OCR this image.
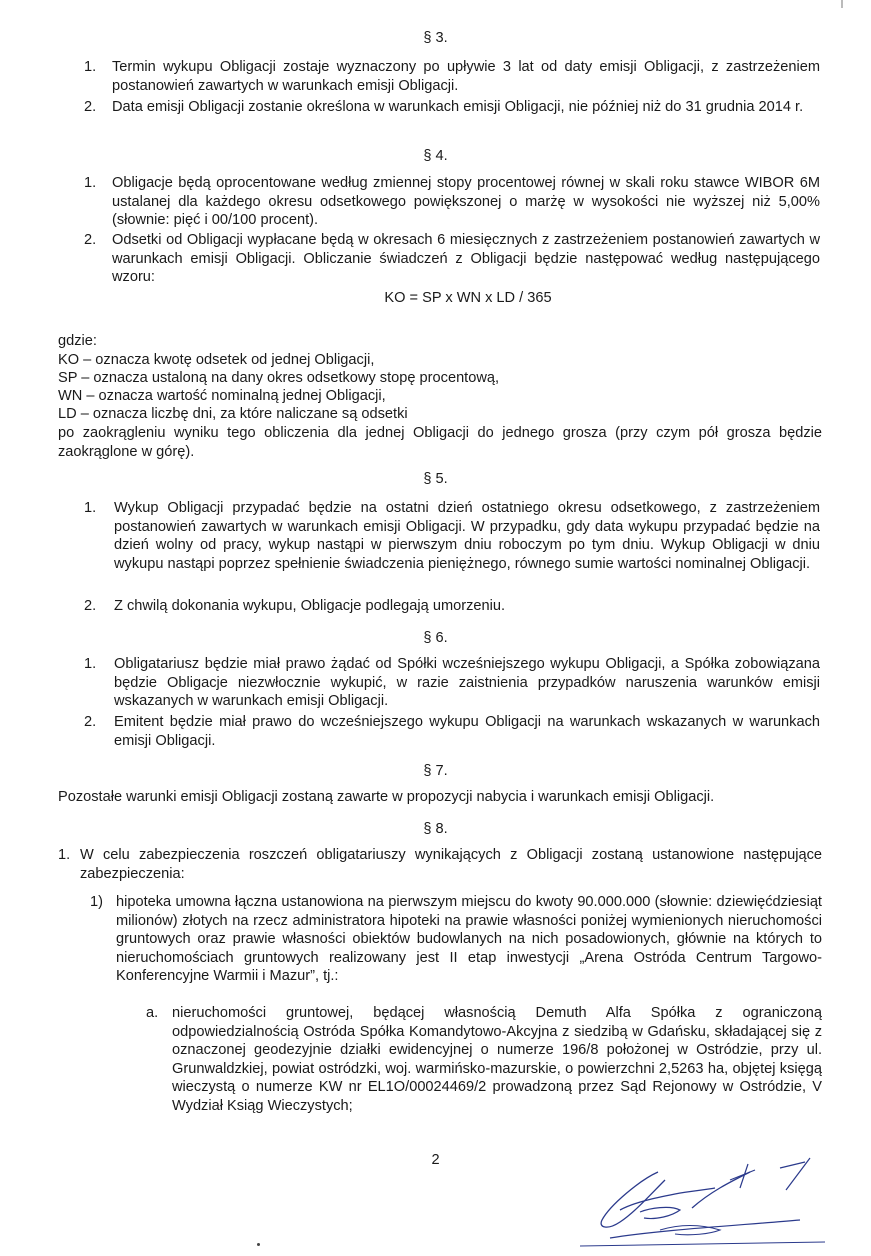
§ 3.
1.	Termin wykupu Obligacji zostaje wyznaczony po upływie 3 lat od daty emisji Obligacji, z zastrzeżeniem postanowień zawartych w warunkach emisji Obligacji.
2.	Data emisji Obligacji zostanie określona w warunkach emisji Obligacji, nie później niż do 31 grudnia 2014 r.
§ 4.
1.	Obligacje będą oprocentowane według zmiennej stopy procentowej równej w skali roku stawce WIBOR 6M ustalanej dla każdego okresu odsetkowego powiększonej o marżę w wysokości nie wyższej niż 5,00% (słownie: pięć i 00/100 procent).
2.	Odsetki od Obligacji wypłacane będą w okresach 6 miesięcznych z zastrzeżeniem postanowień zawartych w warunkach emisji Obligacji. Obliczanie świadczeń z Obligacji będzie następować według następującego wzoru:
KO = SP x WN x LD / 365
gdzie:
KO – oznacza kwotę odsetek od jednej Obligacji,
SP – oznacza ustaloną na dany okres odsetkowy stopę procentową,
WN – oznacza wartość nominalną jednej Obligacji,
LD – oznacza liczbę dni, za które naliczane są odsetki
po zaokrągleniu wyniku tego obliczenia dla jednej Obligacji do jednego grosza (przy czym pół grosza będzie zaokrąglone w górę).
§ 5.
1.	Wykup Obligacji przypadać będzie na ostatni dzień ostatniego okresu odsetkowego, z zastrzeżeniem postanowień zawartych w warunkach emisji Obligacji. W przypadku, gdy data wykupu przypadać będzie na dzień wolny od pracy, wykup nastąpi w pierwszym dniu roboczym po tym dniu. Wykup Obligacji w dniu wykupu nastąpi poprzez spełnienie świadczenia pieniężnego, równego sumie wartości nominalnej Obligacji.
2.	Z chwilą dokonania wykupu, Obligacje podlegają umorzeniu.
§ 6.
1.	Obligatariusz będzie miał prawo żądać od Spółki wcześniejszego wykupu Obligacji, a Spółka zobowiązana będzie Obligacje niezwłocznie wykupić, w razie zaistnienia przypadków naruszenia warunków emisji wskazanych w warunkach emisji Obligacji.
2.	Emitent będzie miał prawo do wcześniejszego wykupu Obligacji na warunkach wskazanych w warunkach emisji Obligacji.
§ 7.
Pozostałe warunki emisji Obligacji zostaną zawarte w propozycji nabycia i warunkach emisji Obligacji.
§ 8.
1. W celu zabezpieczenia roszczeń obligatariuszy wynikających z Obligacji zostaną ustanowione następujące zabezpieczenia:
1) hipoteka umowna łączna ustanowiona na pierwszym miejscu do kwoty 90.000.000 (słownie: dziewięćdziesiąt milionów) złotych na rzecz administratora hipoteki na prawie własności poniżej wymienionych nieruchomości gruntowych oraz prawie własności obiektów budowlanych na nich posadowionych, głównie na których to nieruchomościach gruntowych realizowany jest II etap inwestycji „Arena Ostróda Centrum Targowo-Konferencyjne Warmii i Mazur”, tj.:
a. nieruchomości gruntowej, będącej własnością Demuth Alfa Spółka z ograniczoną odpowiedzialnością Ostróda Spółka Komandytowo-Akcyjna z siedzibą w Gdańsku, składającej się z oznaczonej geodezyjnie działki ewidencyjnej o numerze 196/8 położonej w Ostródzie, przy ul. Grunwaldzkiej, powiat ostródzki, woj. warmińsko-mazurskie, o powierzchni 2,5263 ha, objętej księgą wieczystą o numerze KW nr EL1O/00024469/2 prowadzoną przez Sąd Rejonowy w Ostródzie, V Wydział Ksiąg Wieczystych;
2
